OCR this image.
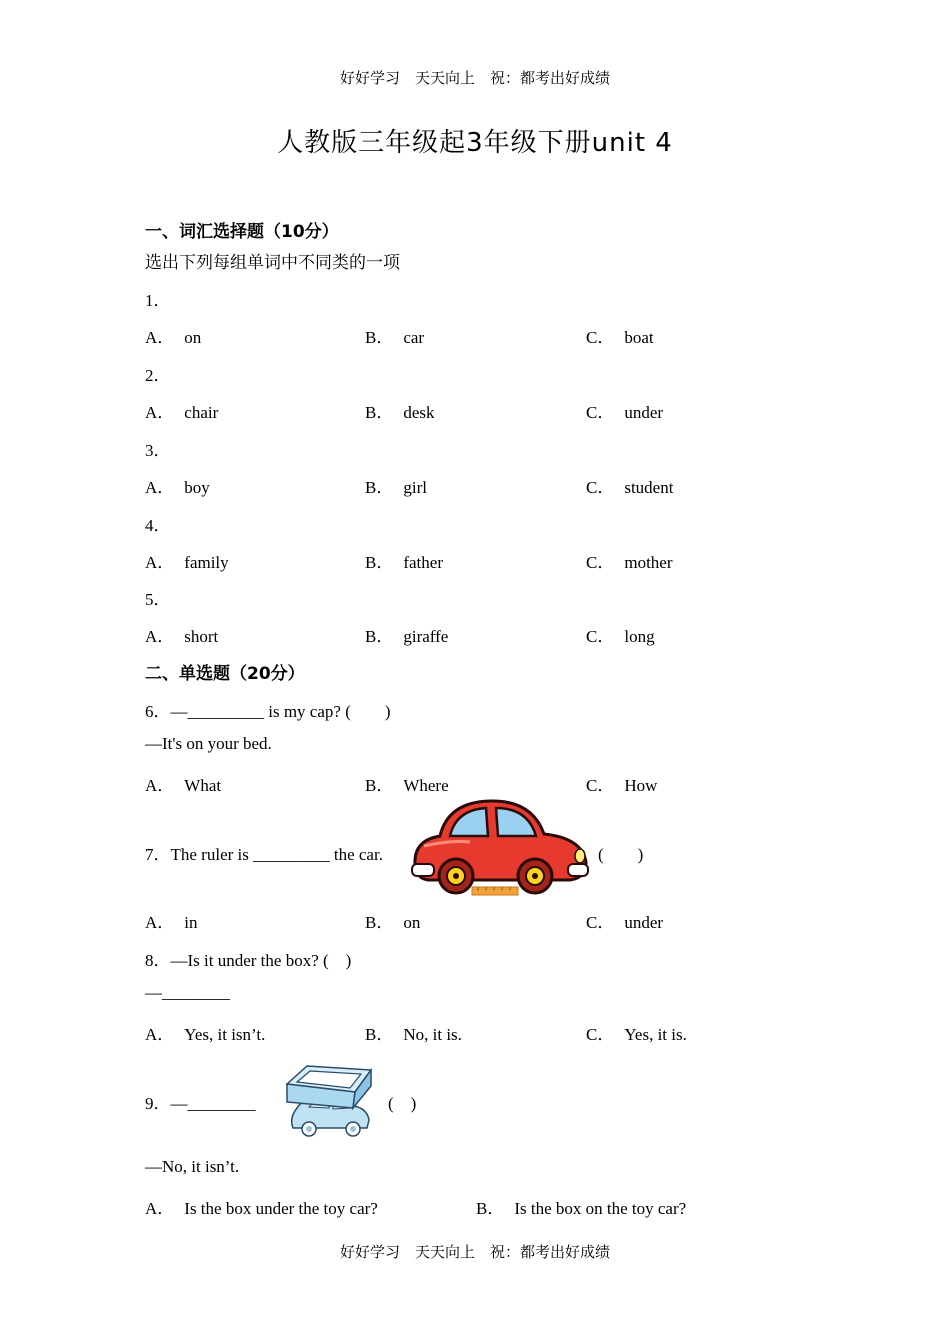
好好学习　天天向上　祝：都考出好成绩
人教版三年级起3年级下册unit 4
一、词汇选择题（10分）
选出下列每组单词中不同类的一项
1．
A． on	B． car	C． boat
2．
A． chair	B． desk	C． under
3．
A． boy	B． girl	C． student
4．
A． family	B． father	C． mother
5．
A． short	B． giraffe	C． long
二、单选题（20分）
6．—_________ is my cap? (　　)
—It's on your bed.
A． What	B． Where	C． How
7．The ruler is _________ the car.	(　　)
A． in	B． on	C． under
8．—Is it under the box? (　)
—________
A． Yes, it isn’t.	B． No, it is.	C． Yes, it is.
9．—________	(　)
—No, it isn’t.
A． Is the box under the toy car?	B． Is the box on the toy car?
好好学习　天天向上　祝：都考出好成绩
